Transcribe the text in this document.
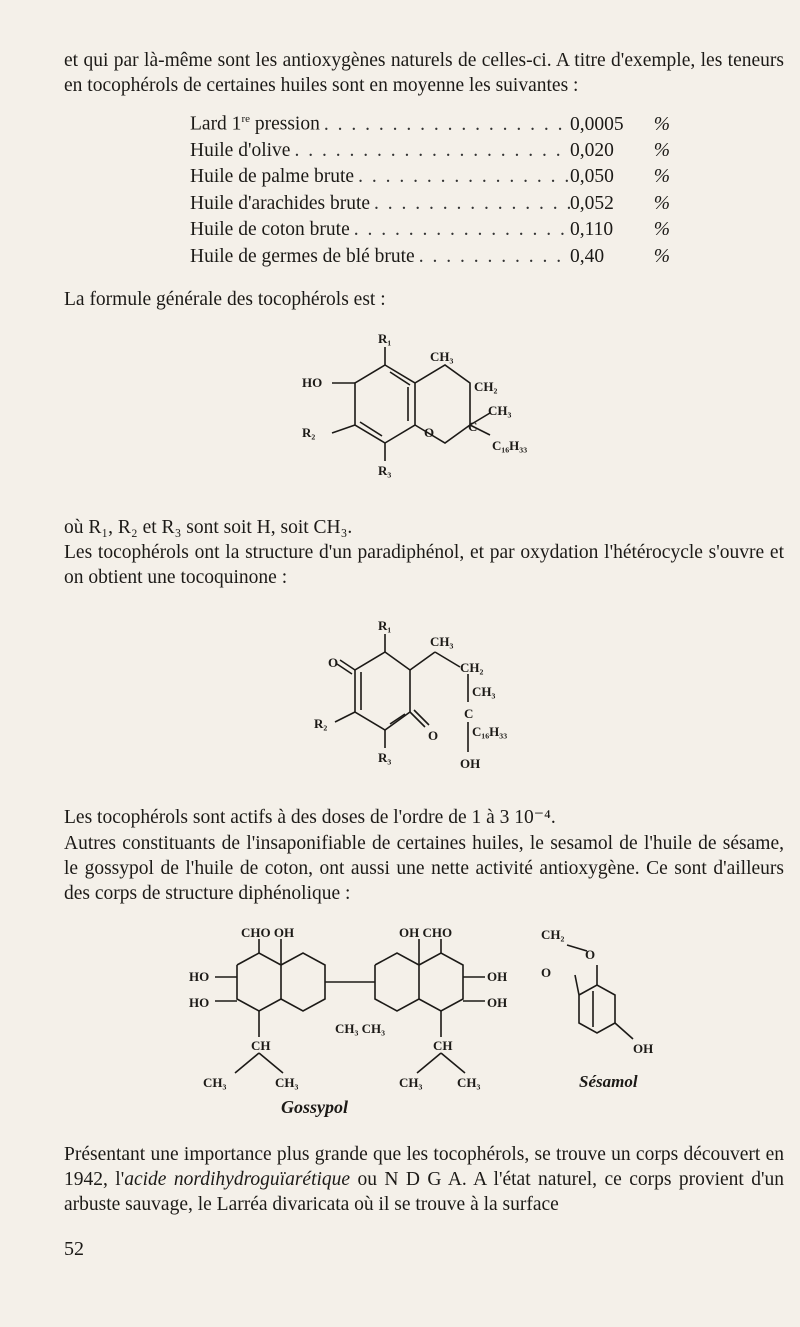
et qui par là-même sont les antioxygènes naturels de celles-ci. A titre d'exemple, les teneurs en tocophérols de certaines huiles sont en moyenne les suivantes :

Lard 1re pression . . .	0,0005	%
Huile d'olive . . .	0,020	%
Huile de palme brute . . .	0,050	%
Huile d'arachides brute . . .	0,052	%
Huile de coton brute . . .	0,110	%
Huile de germes de blé brute . . .	0,40	%

La formule générale des tocophérols est :

R₁
CH₃
HO	CH₂
CH₃
R₂	C
O
C₁₆H₃₃
R₃

où R₁, R₂ et R₃ sont soit H, soit CH₃.

Les tocophérols ont la structure d'un paradiphénol, et par oxydation l'hétérocycle s'ouvre et on obtient une tocoquinone :

R₁
CH₃
O	CH₂
CH₃
C
R₂
O	C₁₆H₃₃
R₃	OH

Les tocophérols sont actifs à des doses de l'ordre de 1 à 3 10⁻⁴.

Autres constituants de l'insaponifiable de certaines huiles, le sesamol de l'huile de sésame, le gossypol de l'huile de coton, ont aussi une nette activité antioxygène. Ce sont d'ailleurs des corps de structure diphénolique :

CHO OH	OH CHO
HO
HO
OH
OH
CH₃ CH₃
CH	CH
CH₃	CH₃	CH₃	CH₃
Gossypol
CH₂
O
O
OH
Sésamol

Présentant une importance plus grande que les tocophérols, se trouve un corps découvert en 1942, l'acide nordihydroguïarétique ou N D G A. A l'état naturel, ce corps provient d'un arbuste sauvage, le Larréa divaricata où il se trouve à la surface

52
